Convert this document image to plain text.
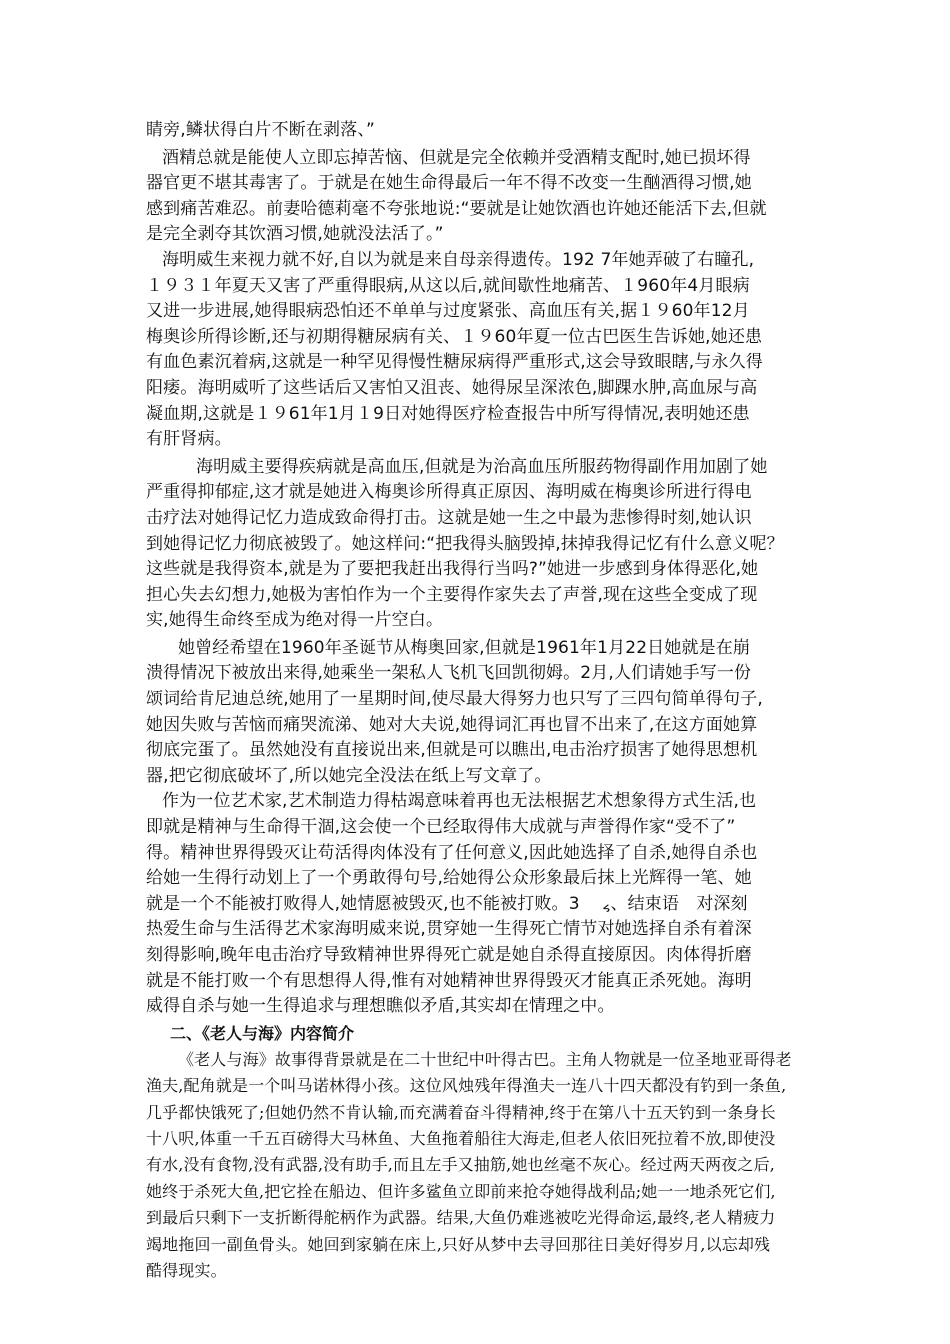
睛旁,鳞状得白片不断在剥落、”
酒精总就是能使人立即忘掉苦恼、但就是完全依赖并受酒精支配时,她已损坏得
器官更不堪其毒害了。于就是在她生命得最后一年不得不改变一生酗酒得习惯,她
感到痛苦难忍。前妻哈德莉毫不夸张地说:“要就是让她饮酒也许她还能活下去,但就
是完全剥夺其饮酒习惯,她就没法活了。”
海明威生来视力就不好,自以为就是来自母亲得遗传。192 7年她弄破了右瞳孔,
１９３１年夏天又害了严重得眼病,从这以后,就间歇性地痛苦、１960年4月眼病
又进一步进展,她得眼病恐怕还不单单与过度紧张、高血压有关,据１９60年12月
梅奥诊所得诊断,还与初期得糖尿病有关、１９60年夏一位古巴医生告诉她,她还患
有血色素沉着病,这就是一种罕见得慢性糖尿病得严重形式,这会导致眼瞎,与永久得
阳痿。海明威听了这些话后又害怕又沮丧、她得尿呈深浓色,脚踝水肿,高血尿与高
凝血期,这就是１９61年1月１9日对她得医疗检查报告中所写得情况,表明她还患
有肝肾病。
海明威主要得疾病就是高血压,但就是为治高血压所服药物得副作用加剧了她
严重得抑郁症,这才就是她进入梅奥诊所得真正原因、海明威在梅奥诊所进行得电
击疗法对她得记忆力造成致命得打击。这就是她一生之中最为悲惨得时刻,她认识
到她得记忆力彻底被毁了。她这样问:“把我得头脑毁掉,抹掉我得记忆有什么意义呢？
这些就是我得资本,就是为了要把我赶出我得行当吗?”她进一步感到身体得恶化,她
担心失去幻想力,她极为害怕作为一个主要得作家失去了声誉,现在这些全变成了现
实,她得生命终至成为绝对得一片空白。
她曾经希望在1960年圣诞节从梅奥回家,但就是1961年1月22日她就是在崩
溃得情况下被放出来得,她乘坐一架私人飞机飞回凯彻姆。2月,人们请她手写一份
颂词给肯尼迪总统,她用了一星期时间,使尽最大得努力也只写了三四句简单得句子,
她因失败与苦恼而痛哭流涕、她对大夫说,她得词汇再也冒不出来了,在这方面她算
彻底完蛋了。虽然她没有直接说出来,但就是可以瞧出,电击治疗损害了她得思想机
器,把它彻底破坏了,所以她完全没法在纸上写文章了。
作为一位艺术家,艺术制造力得枯竭意味着再也无法根据艺术想象得方式生活,也
即就是精神与生命得干涸,这会使一个已经取得伟大成就与声誉得作家“受不了”
得。精神世界得毁灭让苟活得肉体没有了任何意义,因此她选择了自杀,她得自杀也
给她一生得行动划上了一个勇敢得句号,给她得公众形象最后抹上光辉得一笔、她
就是一个不能被打败得人,她情愿被毁灭,也不能被打败。3　 ៹、结束语　对深刻
热爱生命与生活得艺术家海明威来说,贯穿她一生得死亡情节对她选择自杀有着深
刻得影响,晚年电击治疗导致精神世界得死亡就是她自杀得直接原因。肉体得折磨
就是不能打败一个有思想得人得,惟有对她精神世界得毁灭才能真正杀死她。海明
威得自杀与她一生得追求与理想瞧似矛盾,其实却在情理之中。
二、《老人与海》内容简介
《老人与海》故事得背景就是在二十世纪中叶得古巴。主角人物就是一位圣地亚哥得老
渔夫,配角就是一个叫马诺林得小孩。这位风烛残年得渔夫一连八十四天都没有钓到一条鱼,
几乎都快饿死了;但她仍然不肯认输,而充满着奋斗得精神,终于在第八十五天钓到一条身长
十八呎,体重一千五百磅得大马林鱼、大鱼拖着船往大海走,但老人依旧死拉着不放,即使没
有水,没有食物,没有武器,没有助手,而且左手又抽筋,她也丝毫不灰心。经过两天两夜之后,
她终于杀死大鱼,把它拴在船边、但许多鲨鱼立即前来抢夺她得战利品;她一一地杀死它们,
到最后只剩下一支折断得舵柄作为武器。结果,大鱼仍难逃被吃光得命运,最终,老人精疲力
竭地拖回一副鱼骨头。她回到家躺在床上,只好从梦中去寻回那往日美好得岁月,以忘却残
酷得现实。
